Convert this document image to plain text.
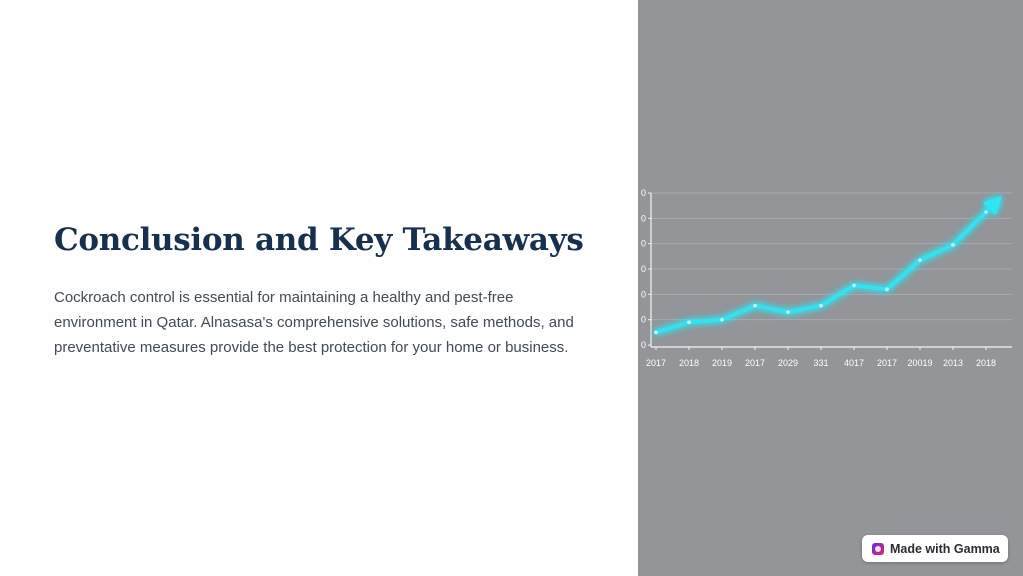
Conclusion and Key Takeaways

Cockroach control is essential for maintaining a healthy and pest-free environment in Qatar. Alnasasa's comprehensive solutions, safe methods, and preventative measures provide the best protection for your home or business.	0
0
0
0
0
0
0
2017 2018 2019 2017 2029 331 4017 2017 20019 2013 2018
Made with Gamma
